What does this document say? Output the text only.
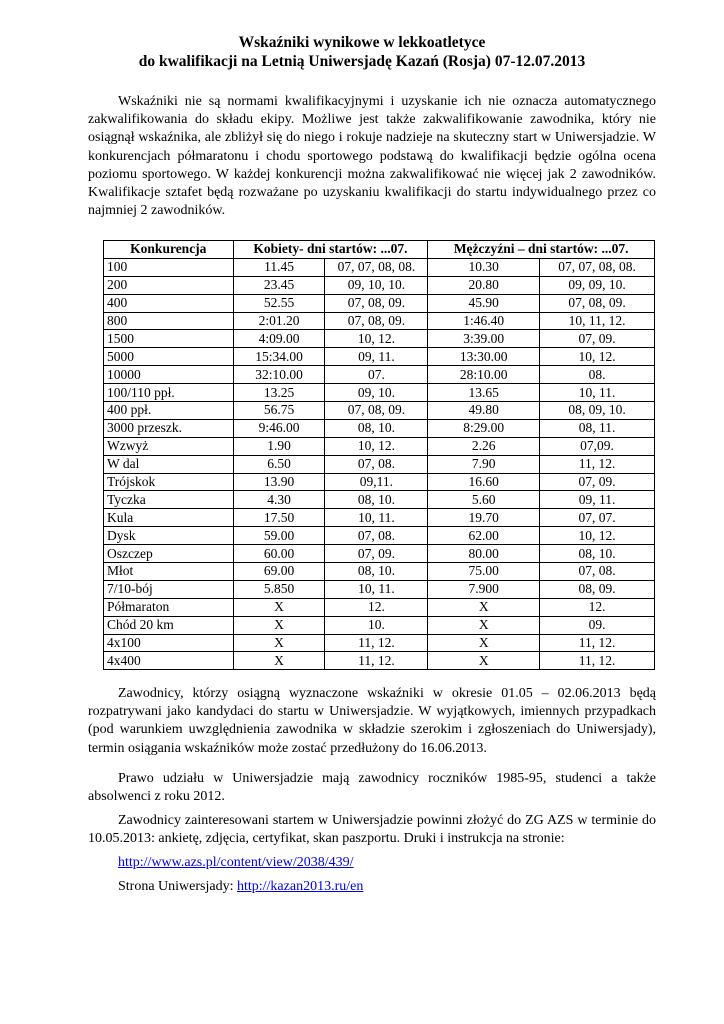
Wskaźniki wynikowe w lekkoatletyce
do kwalifikacji na Letnią Uniwersjadę Kazań (Rosja) 07-12.07.2013

Wskaźniki nie są normami kwalifikacyjnymi i uzyskanie ich nie oznacza automatycznego zakwalifikowania do składu ekipy. Możliwe jest także zakwalifikowanie zawodnika, który nie osiągnął wskaźnika, ale zbliżył się do niego i rokuje nadzieje na skuteczny start w Uniwersjadzie. W konkurencjach półmaratonu i chodu sportowego podstawą do kwalifikacji będzie ogólna ocena poziomu sportowego. W każdej konkurencji można zakwalifikować nie więcej jak 2 zawodników. Kwalifikacje sztafet będą rozważane po uzyskaniu kwalifikacji do startu indywidualnego przez co najmniej 2 zawodników.

Konkurencja	Kobiety- dni startów: ...07.		Mężczyźni – dni startów: ...07.	
100	11.45	07, 07, 08, 08.	10.30	07, 07, 08, 08.
200	23.45	09, 10, 10.	20.80	09, 09, 10.
400	52.55	07, 08, 09.	45.90	07, 08, 09.
800	2:01.20	07, 08, 09.	1:46.40	10, 11, 12.
1500	4:09.00	10, 12.	3:39.00	07, 09.
5000	15:34.00	09, 11.	13:30.00	10, 12.
10000	32:10.00	07.	28:10.00	08.
100/110 ppł.	13.25	09, 10.	13.65	10, 11.
400 ppł.	56.75	07, 08, 09.	49.80	08, 09, 10.
3000 przeszk.	9:46.00	08, 10.	8:29.00	08, 11.
Wzwyż	1.90	10, 12.	2.26	07,09.
W dal	6.50	07, 08.	7.90	11, 12.
Trójskok	13.90	09,11.	16.60	07, 09.
Tyczka	4.30	08, 10.	5.60	09, 11.
Kula	17.50	10, 11.	19.70	07, 07.
Dysk	59.00	07, 08.	62.00	10, 12.
Oszczep	60.00	07, 09.	80.00	08, 10.
Młot	69.00	08, 10.	75.00	07, 08.
7/10-bój	5.850	10, 11.	7.900	08, 09.
Półmaraton	X	12.	X	12.
Chód 20 km	X	10.	X	09.
4x100	X	11, 12.	X	11, 12.
4x400	X	11, 12.	X	11, 12.

Zawodnicy, którzy osiągną wyznaczone wskaźniki w okresie 01.05 – 02.06.2013 będą rozpatrywani jako kandydaci do startu w Uniwersjadzie. W wyjątkowych, imiennych przypadkach (pod warunkiem uwzględnienia zawodnika w składzie szerokim i zgłoszeniach do Uniwersjady), termin osiągania wskaźników może zostać przedłużony do 16.06.2013.

Prawo udziału w Uniwersjadzie mają zawodnicy roczników 1985-95, studenci a także absolwenci z roku 2012.

Zawodnicy zainteresowani startem w Uniwersjadzie powinni złożyć do ZG AZS w terminie do 10.05.2013: ankietę, zdjęcia, certyfikat, skan paszportu. Druki i instrukcja na stronie:

http://www.azs.pl/content/view/2038/439/
Strona Uniwersjady: http://kazan2013.ru/en
